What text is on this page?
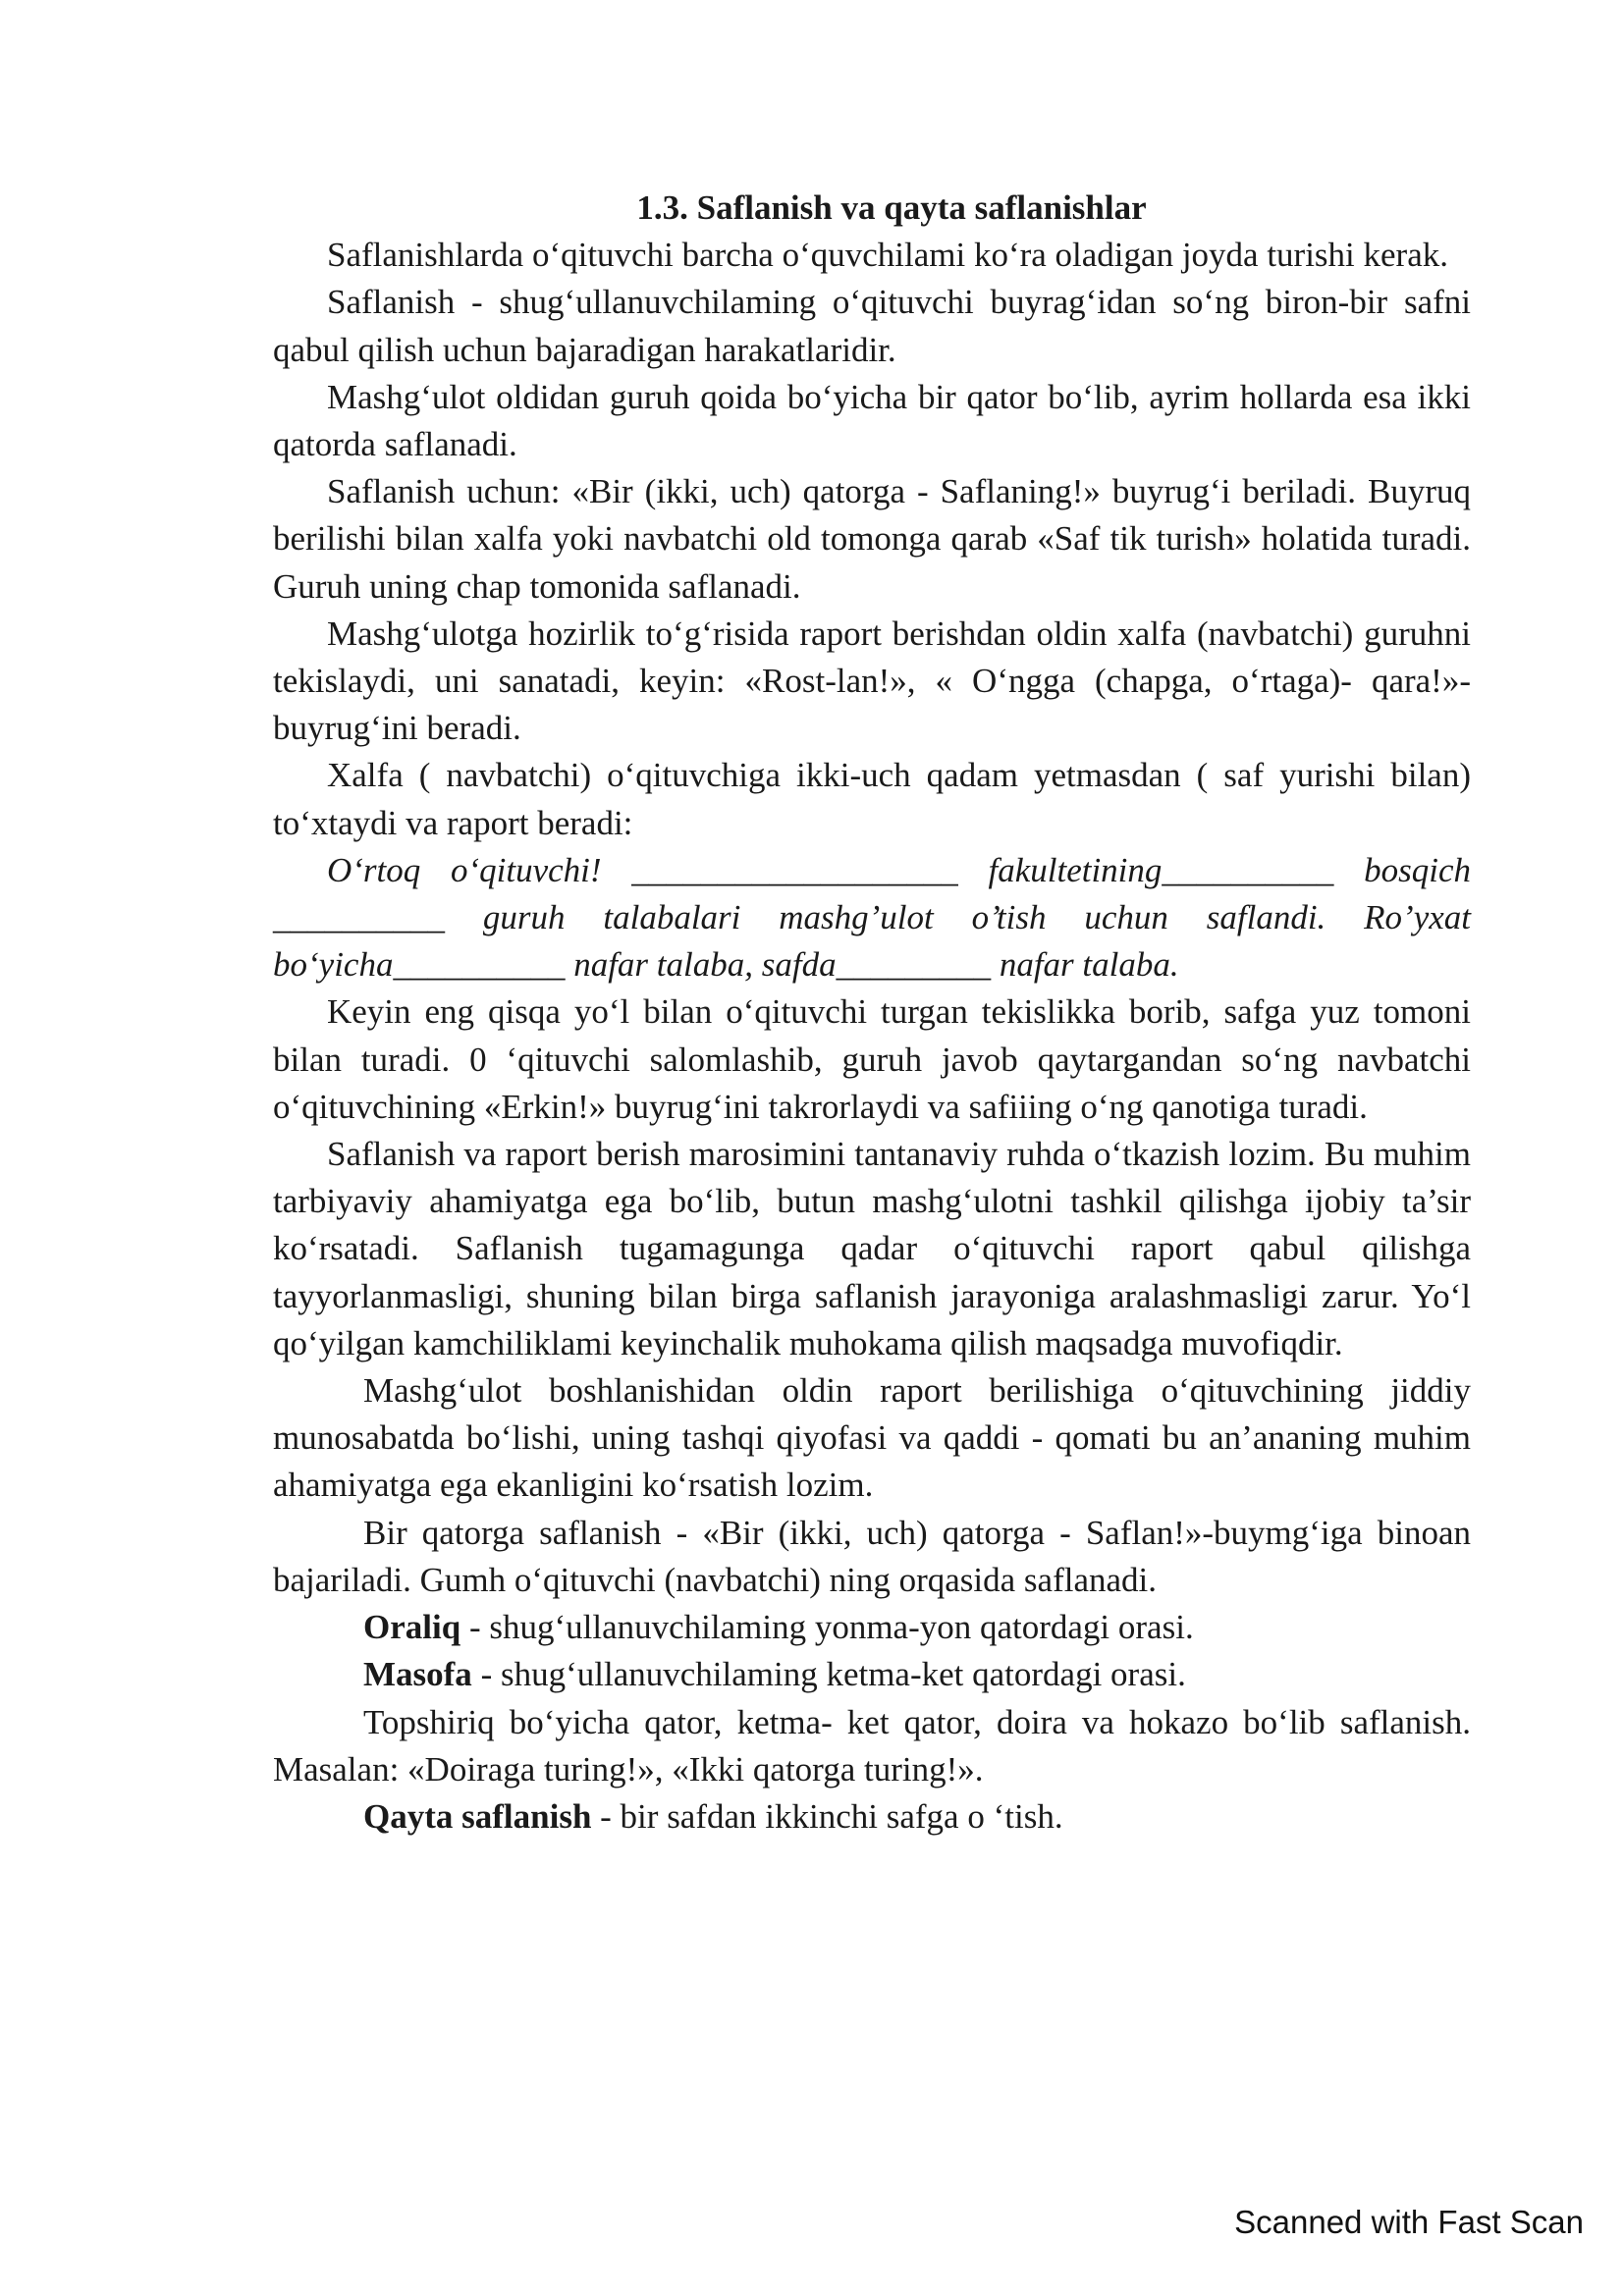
1.3. Saflanish va qayta saflanishlar

Saflanishlarda o‘qituvchi barcha o‘quvchilami ko‘ra oladigan joyda turishi kerak.

Saflanish - shug‘ullanuvchilaming o‘qituvchi buyrag‘idan so‘ng biron-bir safni qabul qilish uchun bajaradigan harakatlaridir.

Mashg‘ulot oldidan guruh qoida bo‘yicha bir qator bo‘lib, ayrim hollarda esa ikki qatorda saflanadi.

Saflanish uchun: «Bir (ikki, uch) qatorga - Saflaning!» buyrug‘i beriladi. Buyruq berilishi bilan xalfa yoki navbatchi old tomonga qarab «Saf tik turish» holatida turadi. Guruh uning chap tomonida saflanadi.

Mashg‘ulotga hozirlik to‘g‘risida raport berishdan oldin xalfa (navbatchi) guruhni tekislaydi, uni sanatadi, keyin: «Rost-lan!», « O‘ngga (chapga, o‘rtaga)- qara!»- buyrug‘ini beradi.

Xalfa ( navbatchi) o‘qituvchiga ikki-uch qadam yetmasdan ( saf yurishi bilan) to‘xtaydi va raport beradi:

O‘rtoq o‘qituvchi! ___________________ fakultetining__________ bosqich __________ guruh talabalari mashg’ulot o’tish uchun saflandi. Ro’yxat bo‘yicha__________ nafar talaba, safda_________ nafar talaba.

Keyin eng qisqa yo‘l bilan o‘qituvchi turgan tekislikka borib, safga yuz tomoni bilan turadi. 0 ‘qituvchi salomlashib, guruh javob qaytargandan so‘ng navbatchi o‘qituvchining «Erkin!» buyrug‘ini takrorlaydi va safiiing o‘ng qanotiga turadi.

Saflanish va raport berish marosimini tantanaviy ruhda o‘tkazish lozim. Bu muhim tarbiyaviy ahamiyatga ega bo‘lib, butun mashg‘ulotni tashkil qilishga ijobiy ta’sir ko‘rsatadi. Saflanish tugamagunga qadar o‘qituvchi raport qabul qilishga tayyorlanmasligi, shuning bilan birga saflanish jarayoniga aralashmasligi zarur. Yo‘l qo‘yilgan kamchiliklami keyinchalik muhokama qilish maqsadga muvofiqdir.

Mashg‘ulot boshlanishidan oldin raport berilishiga o‘qituvchining jiddiy munosabatda bo‘lishi, uning tashqi qiyofasi va qaddi - qomati bu an’ananing muhim ahamiyatga ega ekanligini ko‘rsatish lozim.

Bir qatorga saflanish - «Bir (ikki, uch) qatorga - Saflan!»-buymg‘iga binoan bajariladi. Gumh o‘qituvchi (navbatchi) ning orqasida saflanadi.

Oraliq - shug‘ullanuvchilaming yonma-yon qatordagi orasi.

Masofa - shug‘ullanuvchilaming ketma-ket qatordagi orasi.

Topshiriq bo‘yicha qator, ketma- ket qator, doira va hokazo bo‘lib saflanish. Masalan: «Doiraga turing!», «Ikki qatorga turing!».

Qayta saflanish - bir safdan ikkinchi safga o ‘tish.

Scanned with Fast Scan
